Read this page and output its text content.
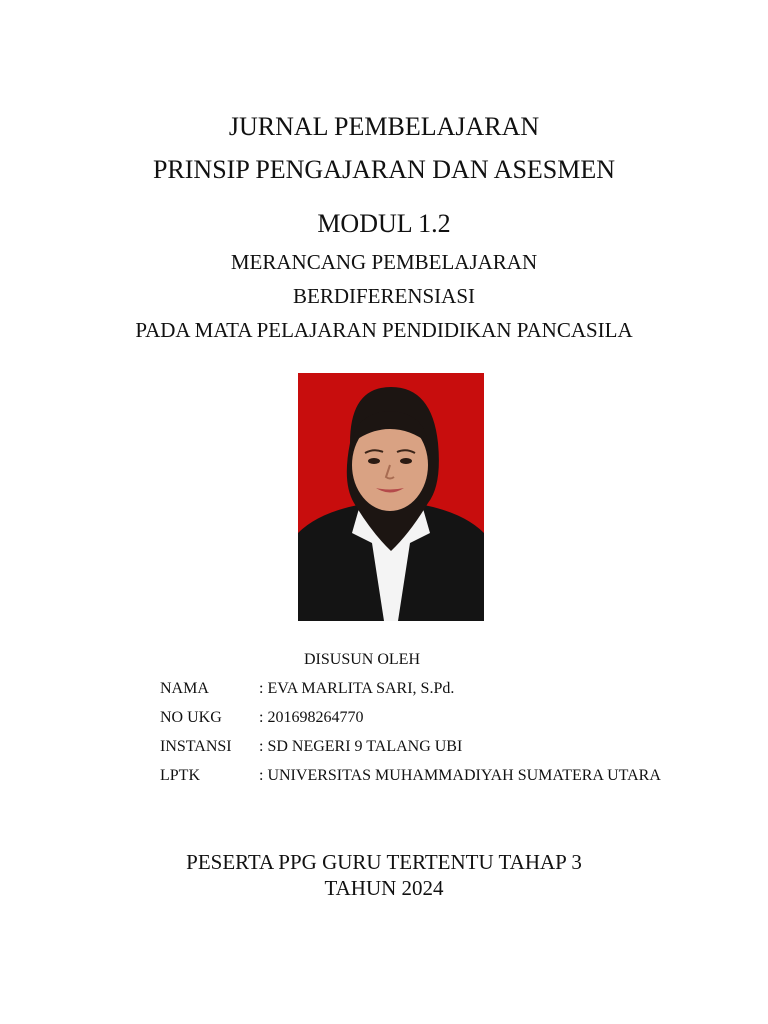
JURNAL PEMBELAJARAN
PRINSIP PENGAJARAN DAN ASESMEN
MODUL 1.2
MERANCANG PEMBELAJARAN
BERDIFERENSIASI
PADA MATA PELAJARAN PENDIDIKAN PANCASILA
DISUSUN OLEH
NAMA	: EVA MARLITA SARI, S.Pd.
NO UKG : 201698264770
INSTANSI : SD NEGERI 9 TALANG UBI
LPTK	: UNIVERSITAS MUHAMMADIYAH SUMATERA UTARA
PESERTA PPG GURU TERTENTU TAHAP 3
TAHUN 2024
